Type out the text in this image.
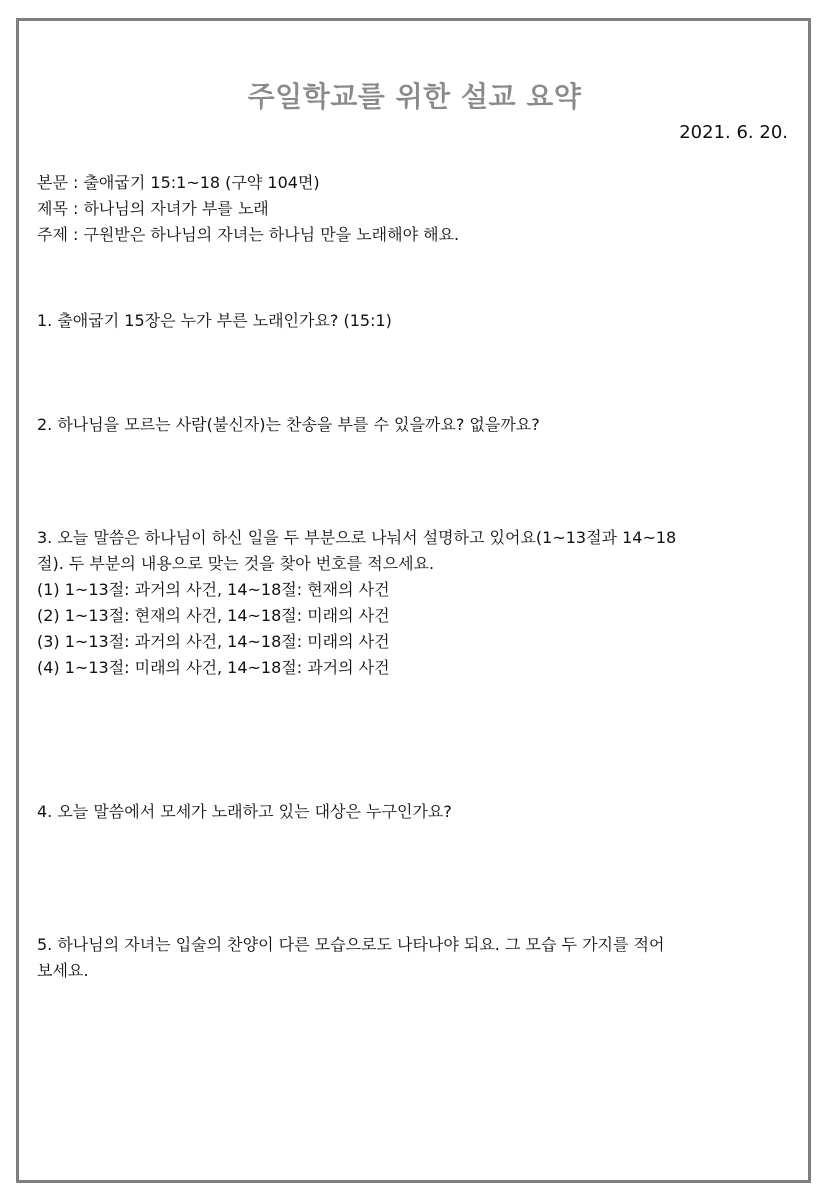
주일학교를 위한 설교 요약
2021. 6. 20.
본문 : 출애굽기 15:1~18 (구약 104면)
제목 : 하나님의 자녀가 부를 노래
주제 : 구원받은 하나님의 자녀는 하나님 만을 노래해야 해요.
1. 출애굽기 15장은 누가 부른 노래인가요? (15:1)
2. 하나님을 모르는 사람(불신자)는 찬송을 부를 수 있을까요? 없을까요?
3. 오늘 말씀은 하나님이 하신 일을 두 부분으로 나눠서 설명하고 있어요(1~13절과 14~18
절). 두 부분의 내용으로 맞는 것을 찾아 번호를 적으세요.
(1) 1~13절: 과거의 사건, 14~18절: 현재의 사건
(2) 1~13절: 현재의 사건, 14~18절: 미래의 사건
(3) 1~13절: 과거의 사건, 14~18절: 미래의 사건
(4) 1~13절: 미래의 사건, 14~18절: 과거의 사건
4. 오늘 말씀에서 모세가 노래하고 있는 대상은 누구인가요?
5. 하나님의 자녀는 입술의 찬양이 다른 모습으로도 나타나야 되요. 그 모습 두 가지를 적어
보세요.
